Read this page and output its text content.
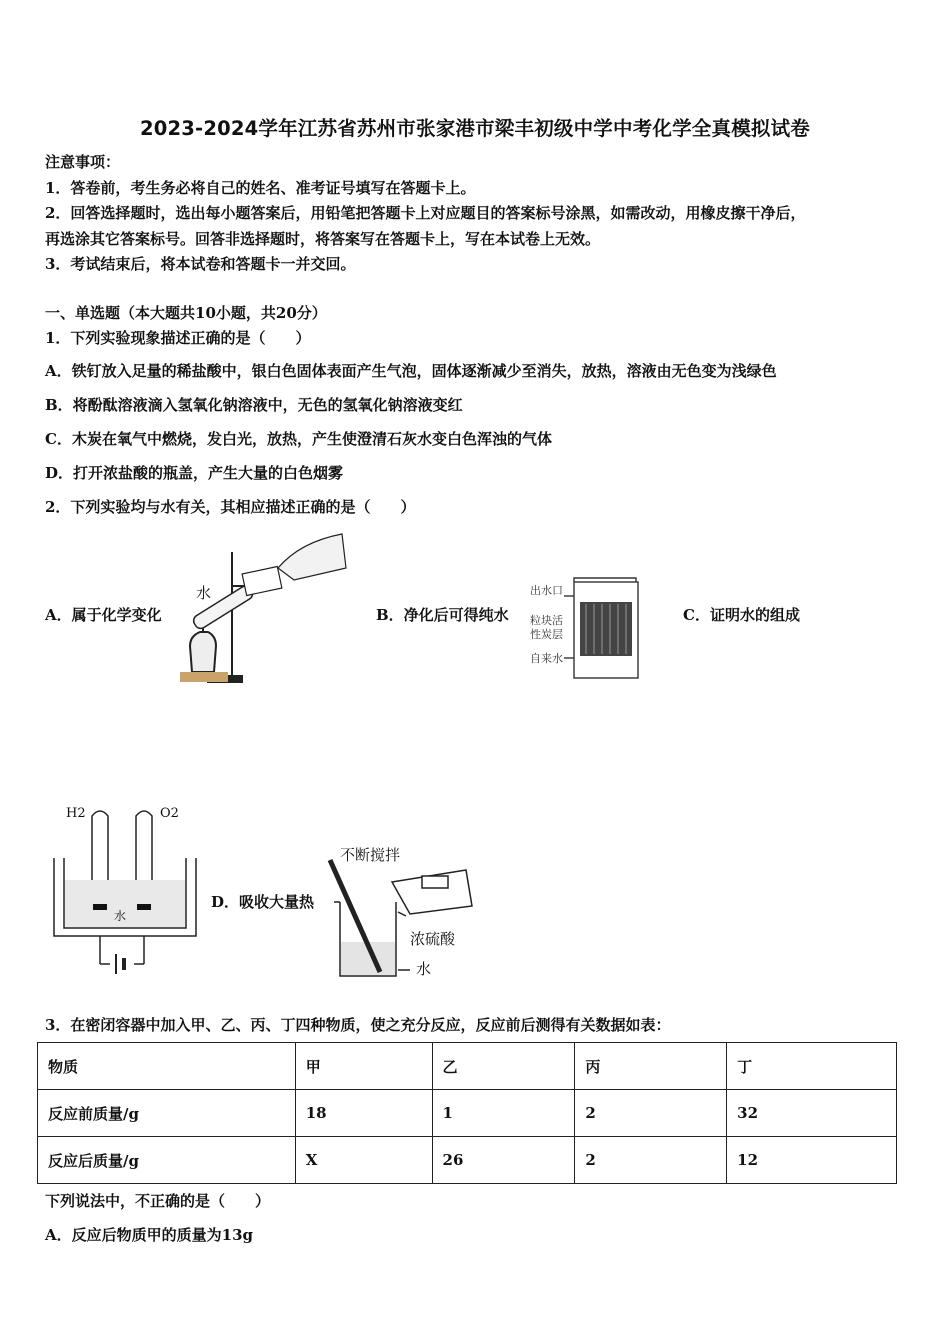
2023-2024学年江苏省苏州市张家港市梁丰初级中学中考化学全真模拟试卷
注意事项：
1．答卷前，考生务必将自己的姓名、准考证号填写在答题卡上。
2．回答选择题时，选出每小题答案后，用铅笔把答题卡上对应题目的答案标号涂黑，如需改动，用橡皮擦干净后，
再选涂其它答案标号。回答非选择题时，将答案写在答题卡上，写在本试卷上无效。
3．考试结束后，将本试卷和答题卡一并交回。
一、单选题（本大题共10小题，共20分）
1．下列实验现象描述正确的是（　　）
A．铁钉放入足量的稀盐酸中，银白色固体表面产生气泡，固体逐渐减少至消失，放热，溶液由无色变为浅绿色
B．将酚酞溶液滴入氢氧化钠溶液中，无色的氢氧化钠溶液变红
C．木炭在氧气中燃烧，发白光，放热，产生使澄清石灰水变白色浑浊的气体
D．打开浓盐酸的瓶盖，产生大量的白色烟雾
2．下列实验均与水有关，其相应描述正确的是（　　）
A．属于化学变化	B．净化后可得纯水	C．证明水的组成
D．吸收大量热
水	出水口
粒块活
性炭层
自来水
H2	O2
水
不断搅拌
浓硫酸
水
3．在密闭容器中加入甲、乙、丙、丁四种物质，使之充分反应，反应前后测得有关数据如表：
物质	甲	乙	丙	丁
反应前质量/g	18	1	2	32
反应后质量/g	X	26	2	12
下列说法中，不正确的是（　　）
A．反应后物质甲的质量为13g
